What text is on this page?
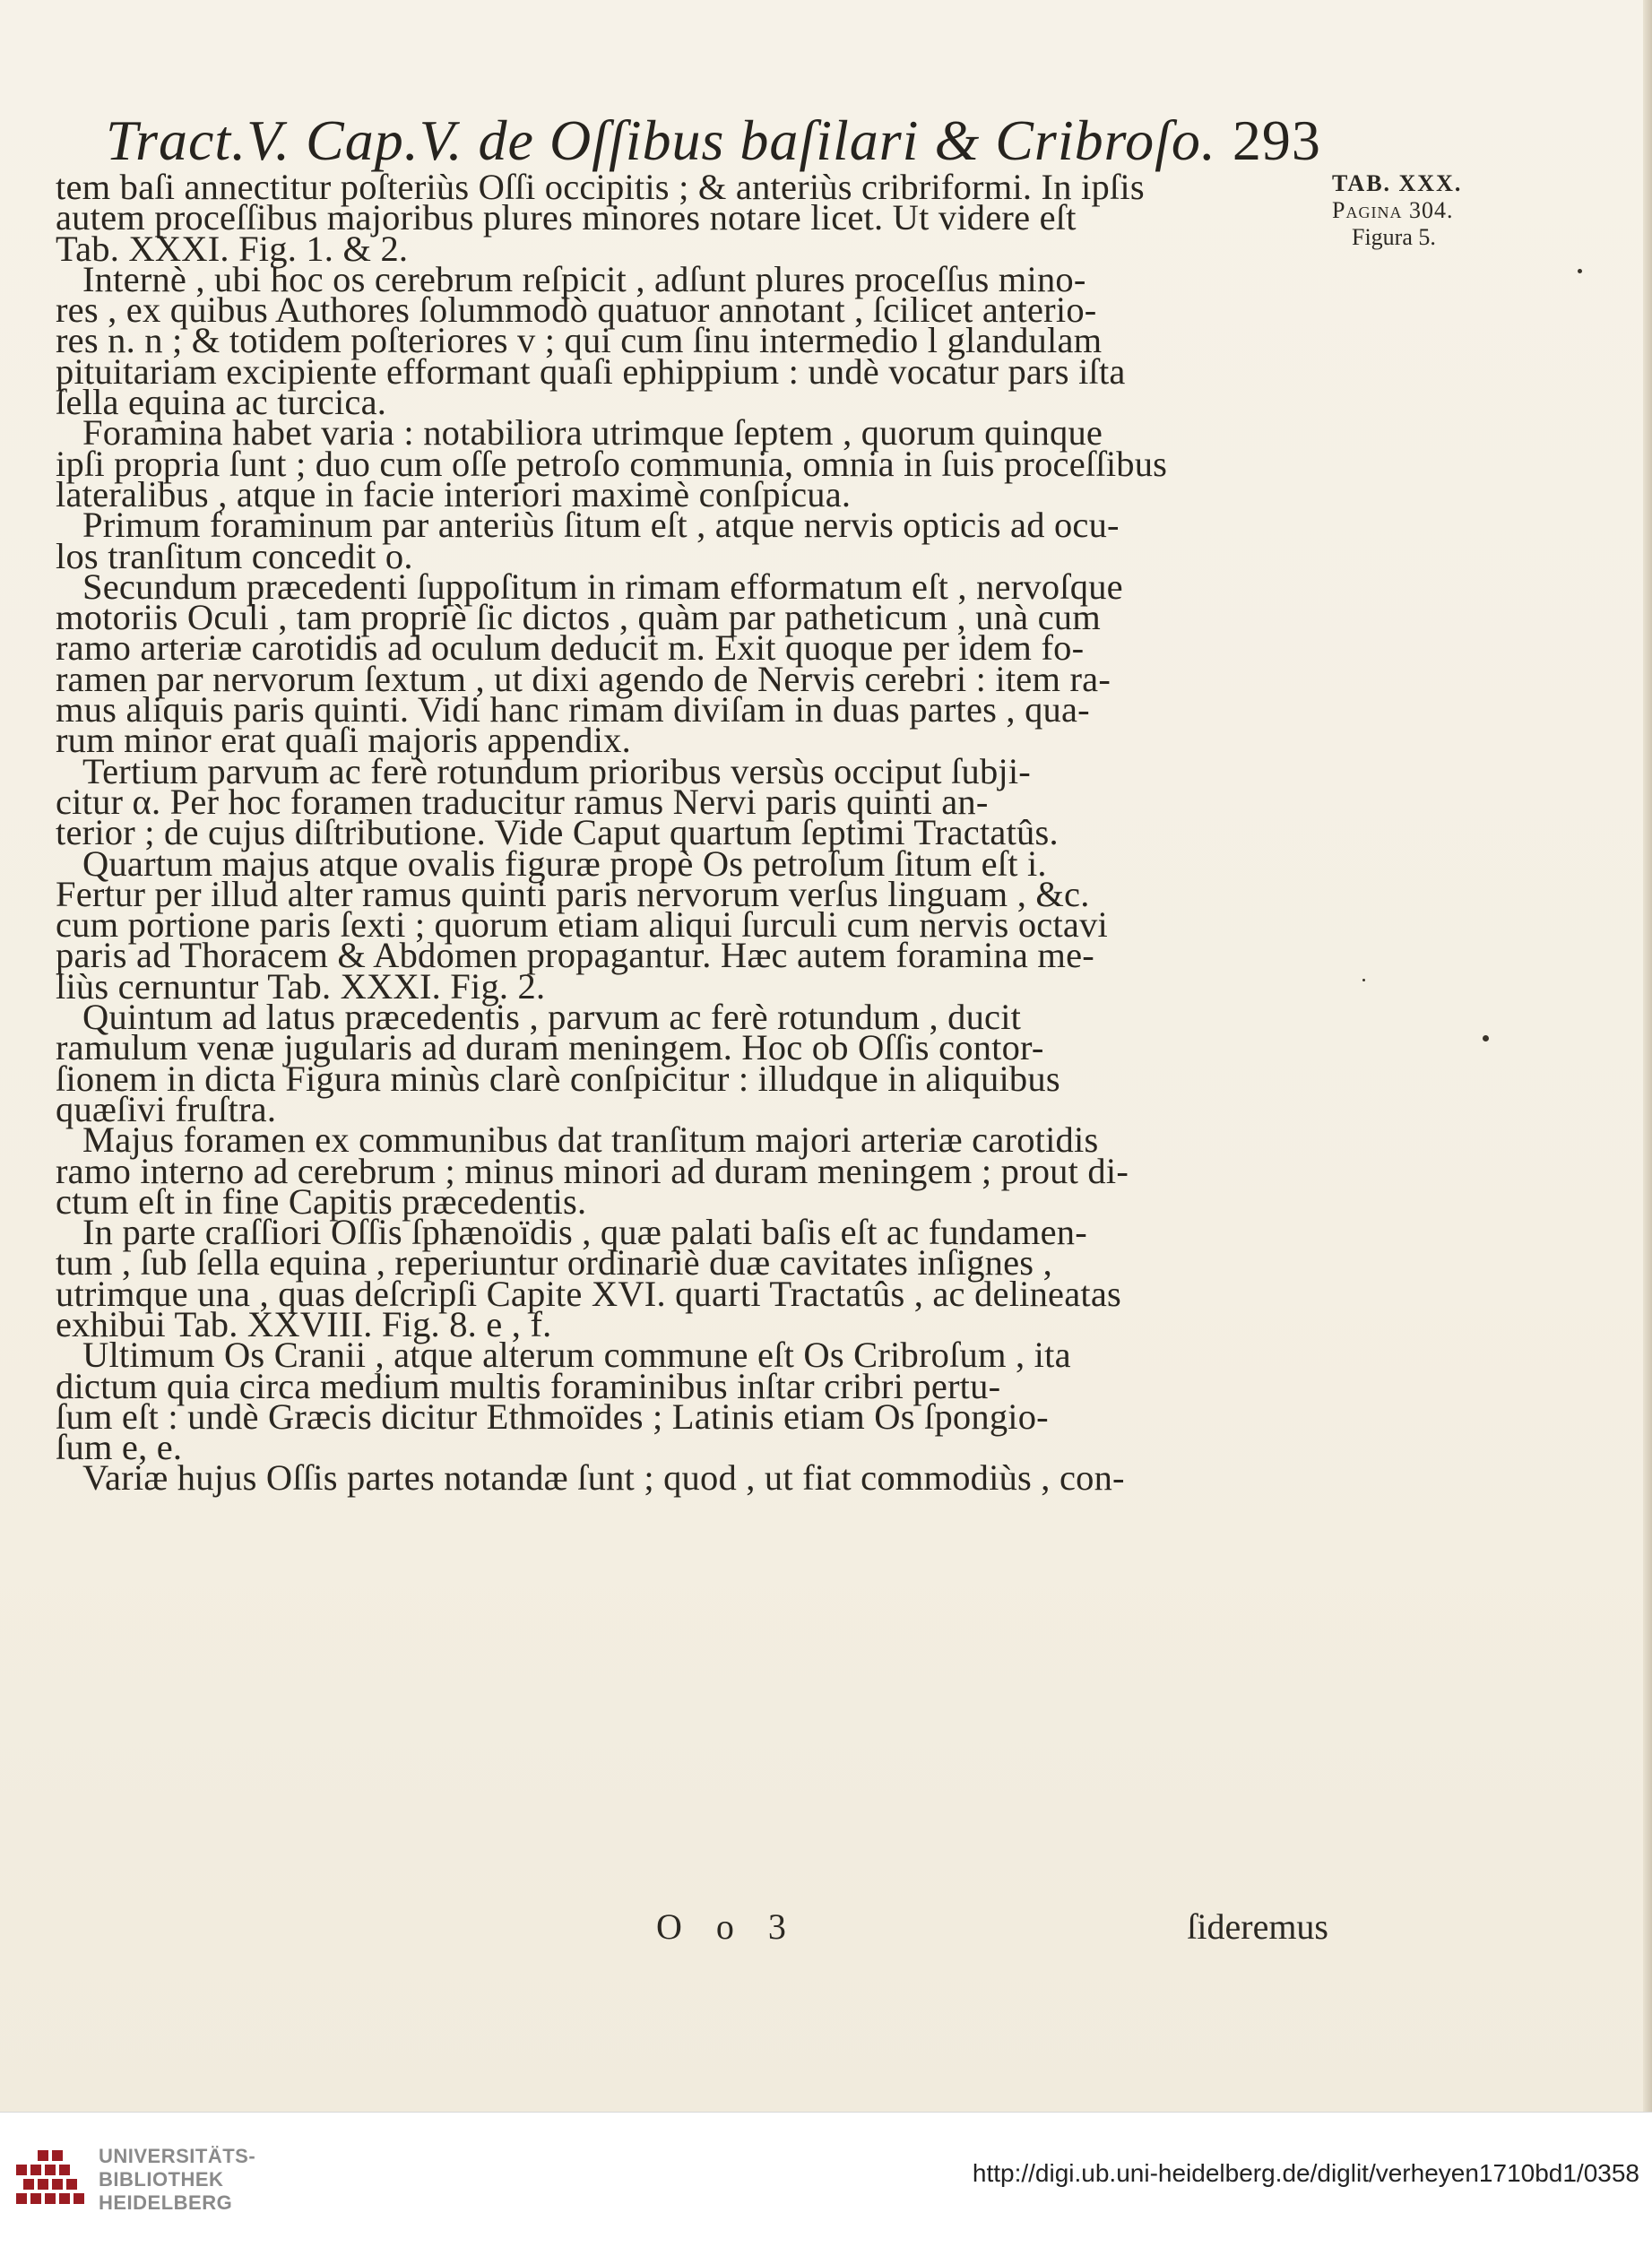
Tract.V. Cap.V. de Oſſibus baſilari & Cribroſo. 293
TAB. XXX.
Pagina 304.
Figura 5.
tem baſi annectitur poſteriùs Oſſi occipitis ; & anteriùs cribriformi. In ipſis
autem proceſſibus majoribus plures minores notare licet. Ut videre eſt
Tab. XXXI. Fig. 1. & 2.
Internè , ubi hoc os cerebrum reſpicit , adſunt plures proceſſus mino-
res , ex quibus Authores ſolummodò quatuor annotant , ſcilicet anterio-
res n. n ; & totidem poſteriores v ; qui cum ſinu intermedio l glandulam
pituitariam excipiente efformant quaſi ephippium : undè vocatur pars iſta
ſella equina ac turcica.
Foramina habet varia : notabiliora utrimque ſeptem , quorum quinque
ipſi propria ſunt ; duo cum oſſe petroſo communia, omnia in ſuis proceſſibus
lateralibus , atque in facie interiori maximè conſpicua.
Primum foraminum par anteriùs ſitum eſt , atque nervis opticis ad ocu-
los tranſitum concedit o.
Secundum præcedenti ſuppoſitum in rimam efformatum eſt , nervoſque
motoriis Oculi , tam propriè ſic dictos , quàm par patheticum , unà cum
ramo arteriæ carotidis ad oculum deducit m. Exit quoque per idem fo-
ramen par nervorum ſextum , ut dixi agendo de Nervis cerebri : item ra-
mus aliquis paris quinti. Vidi hanc rimam diviſam in duas partes , qua-
rum minor erat quaſi majoris appendix.
Tertium parvum ac ferè rotundum prioribus versùs occiput ſubji-
citur α. Per hoc foramen traducitur ramus Nervi paris quinti an-
terior ; de cujus diſtributione. Vide Caput quartum ſeptimi Tractatûs.
Quartum majus atque ovalis figuræ propè Os petroſum ſitum eſt i.
Fertur per illud alter ramus quinti paris nervorum verſus linguam , &c.
cum portione paris ſexti ; quorum etiam aliqui ſurculi cum nervis octavi
paris ad Thoracem & Abdomen propagantur. Hæc autem foramina me-
liùs cernuntur Tab. XXXI. Fig. 2.
Quintum ad latus præcedentis , parvum ac ferè rotundum , ducit
ramulum venæ jugularis ad duram meningem. Hoc ob Oſſis contor-
ſionem in dicta Figura minùs clarè conſpicitur : illudque in aliquibus
quæſivi fruſtra.
Majus foramen ex communibus dat tranſitum majori arteriæ carotidis
ramo interno ad cerebrum ; minus minori ad duram meningem ; prout di-
ctum eſt in fine Capitis præcedentis.
In parte craſſiori Oſſis ſphænoïdis , quæ palati baſis eſt ac fundamen-
tum , ſub ſella equina , reperiuntur ordinariè duæ cavitates inſignes ,
utrimque una , quas deſcripſi Capite XVI. quarti Tractatûs , ac delineatas
exhibui Tab. XXVIII. Fig. 8. e , f.
Ultimum Os Cranii , atque alterum commune eſt Os Cribroſum , ita
dictum quia circa medium multis foraminibus inſtar cribri pertu-
ſum eſt : undè Græcis dicitur Ethmoïdes ; Latinis etiam Os ſpongio-
ſum e, e.
Variæ hujus Oſſis partes notandæ ſunt ; quod , ut fiat commodiùs , con-
O o 3	ſideremus
UNIVERSITÄTS-
BIBLIOTHEK
HEIDELBERG
http://digi.ub.uni-heidelberg.de/diglit/verheyen1710bd1/0358
